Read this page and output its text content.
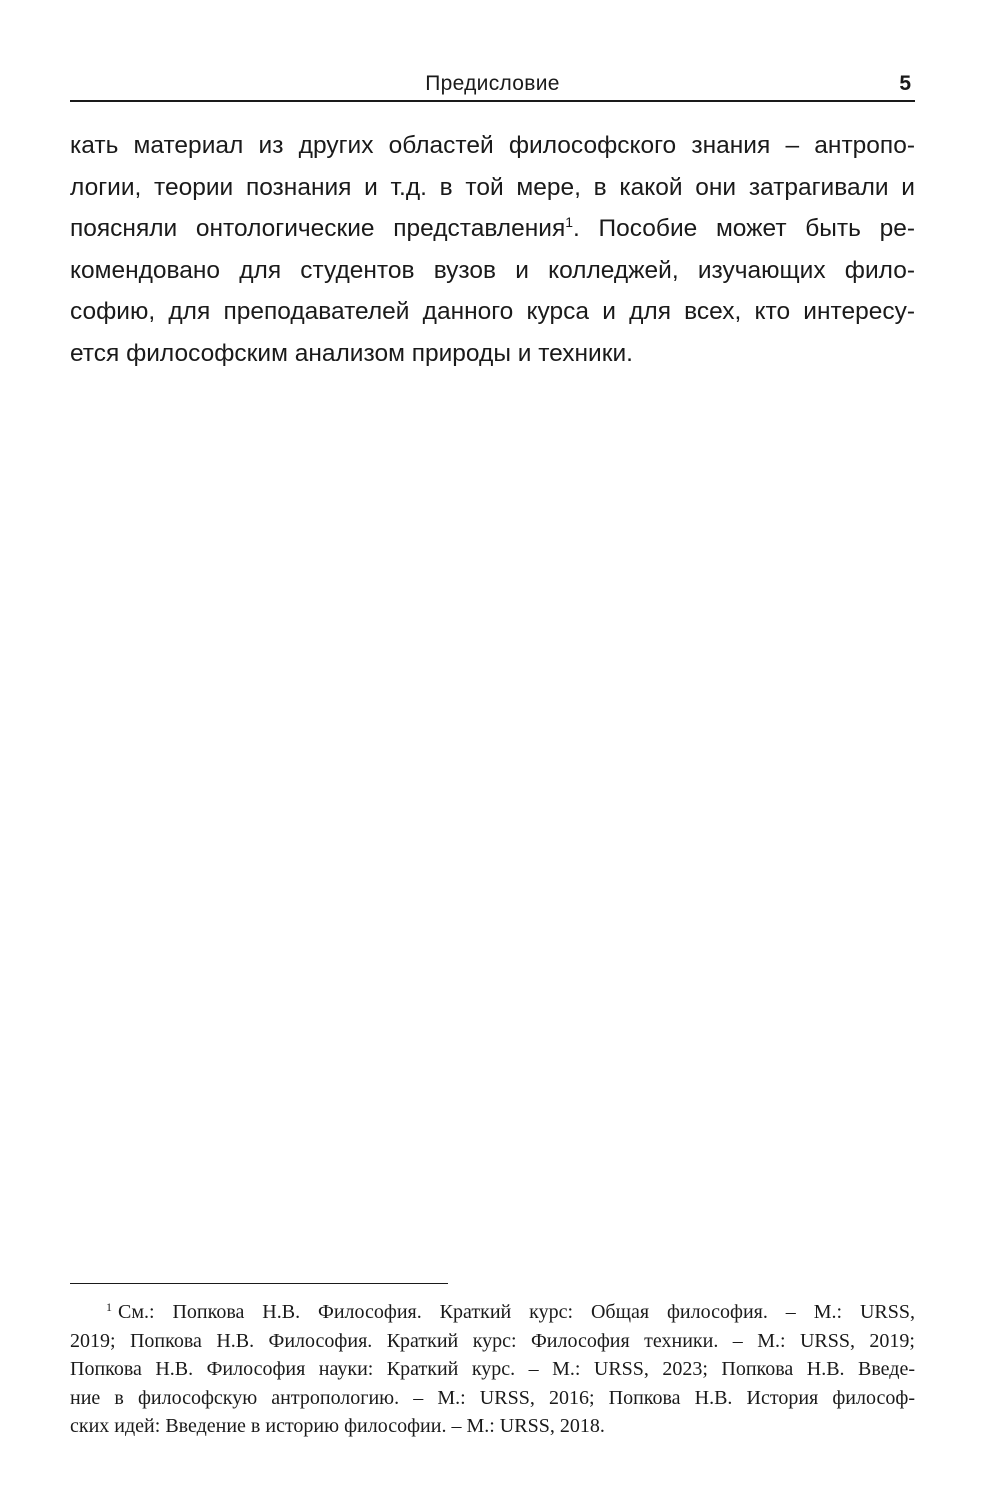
Предисловие	5
кать материал из других областей философского знания – антропо-
логии, теории познания и т.д. в той мере, в какой они затрагивали и
поясняли онтологические представления$^1$. Пособие может быть ре-
комендовано для студентов вузов и колледжей, изучающих фило-
софию, для преподавателей данного курса и для всех, кто интересу-
ется философским анализом природы и техники.
$^1$ См.: Попкова Н.В. Философия. Краткий курс: Общая философия. – М.: URSS,
2019; Попкова Н.В. Философия. Краткий курс: Философия техники. – М.: URSS, 2019;
Попкова Н.В. Философия науки: Краткий курс. – М.: URSS, 2023; Попкова Н.В. Введе-
ние в философскую антропологию. – М.: URSS, 2016; Попкова Н.В. История философ-
ских идей: Введение в историю философии. – М.: URSS, 2018.
